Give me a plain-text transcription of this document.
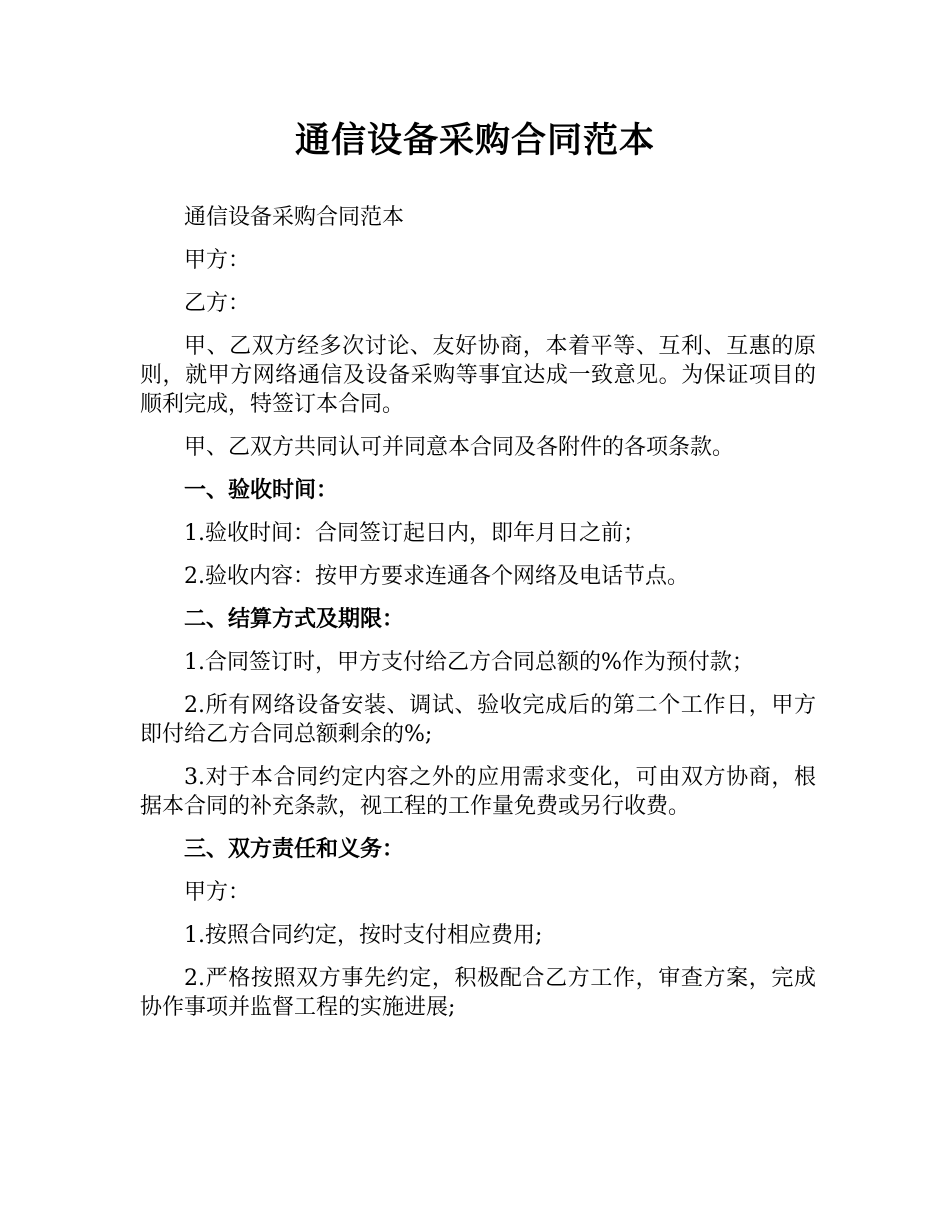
通信设备采购合同范本

通信设备采购合同范本

甲方：

乙方：

甲、乙双方经多次讨论、友好协商，本着平等、互利、互惠的原则，就甲方网络通信及设备采购等事宜达成一致意见。为保证项目的顺利完成，特签订本合同。

甲、乙双方共同认可并同意本合同及各附件的各项条款。

一、验收时间：

1.验收时间：合同签订起日内，即年月日之前；

2.验收内容：按甲方要求连通各个网络及电话节点。

二、结算方式及期限：

1.合同签订时，甲方支付给乙方合同总额的%作为预付款；

2.所有网络设备安装、调试、验收完成后的第二个工作日，甲方即付给乙方合同总额剩余的%;

3.对于本合同约定内容之外的应用需求变化，可由双方协商，根据本合同的补充条款，视工程的工作量免费或另行收费。

三、双方责任和义务：

甲方：

1.按照合同约定，按时支付相应费用;

2.严格按照双方事先约定，积极配合乙方工作，审查方案，完成协作事项并监督工程的实施进展;
